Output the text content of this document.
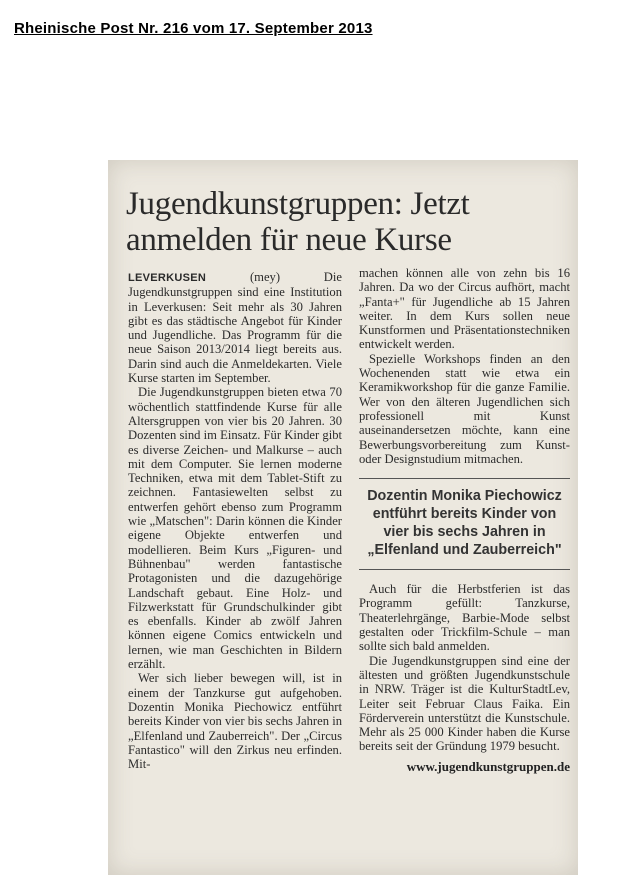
Rheinische Post Nr. 216 vom 17. September 2013
Jugendkunstgruppen: Jetzt anmelden für neue Kurse

LEVERKUSEN	(mey) Die Jugendkunstgruppen sind eine Institution in Leverkusen: Seit mehr als 30 Jahren gibt es das städtische Angebot für Kinder und Jugendliche. Das Programm für die neue Saison 2013/2014 liegt bereits aus. Darin sind auch die Anmeldekarten. Viele Kurse starten im September.

Die Jugendkunstgruppen bieten etwa 70 wöchentlich stattfindende Kurse für alle Altersgruppen von vier bis 20 Jahren. 30 Dozenten sind im Einsatz. Für Kinder gibt es diverse Zeichen- und Malkurse – auch mit dem Computer. Sie lernen moderne Techniken, etwa mit dem Tablet-Stift zu zeichnen. Fantasiewelten selbst zu entwerfen gehört ebenso zum Programm wie „Matschen": Darin können die Kinder eigene Objekte entwerfen und modellieren. Beim Kurs „Figuren- und Bühnenbau" werden fantastische Protagonisten und die dazugehörige Landschaft gebaut. Eine Holz- und Filzwerkstatt für Grundschulkinder gibt es ebenfalls. Kinder ab zwölf Jahren können eigene Comics entwickeln und lernen, wie man Geschichten in Bildern erzählt.

Wer sich lieber bewegen will, ist in einem der Tanzkurse gut aufgehoben. Dozentin Monika Piechowicz entführt bereits Kinder von vier bis sechs Jahren in „Elfenland und Zauberreich". Der „Circus Fantastico" will den Zirkus neu erfinden. Mit-

machen können alle von zehn bis 16 Jahren. Da wo der Circus aufhört, macht „Fanta+" für Jugendliche ab 15 Jahren weiter. In dem Kurs sollen neue Kunstformen und Präsentationstechniken entwickelt werden.

Spezielle Workshops finden an den Wochenenden statt wie etwa ein Keramikworkshop für die ganze Familie. Wer von den älteren Jugendlichen sich professionell mit Kunst auseinandersetzen möchte, kann eine Bewerbungsvorbereitung zum Kunst- oder Designstudium mitmachen.

Dozentin Monika Piechowicz entführt bereits Kinder von vier bis sechs Jahren in „Elfenland und Zauberreich"

Auch für die Herbstferien ist das Programm gefüllt: Tanzkurse, Theaterlehrgänge, Barbie-Mode selbst gestalten oder Trickfilm-Schule – man sollte sich bald anmelden.

Die Jugendkunstgruppen sind eine der ältesten und größten Jugendkunstschule in NRW. Träger ist die KulturStadtLev, Leiter seit Februar Claus Faika. Ein Förderverein unterstützt die Kunstschule. Mehr als 25 000 Kinder haben die Kurse bereits seit der Gründung 1979 besucht.

www.jugendkunstgruppen.de
